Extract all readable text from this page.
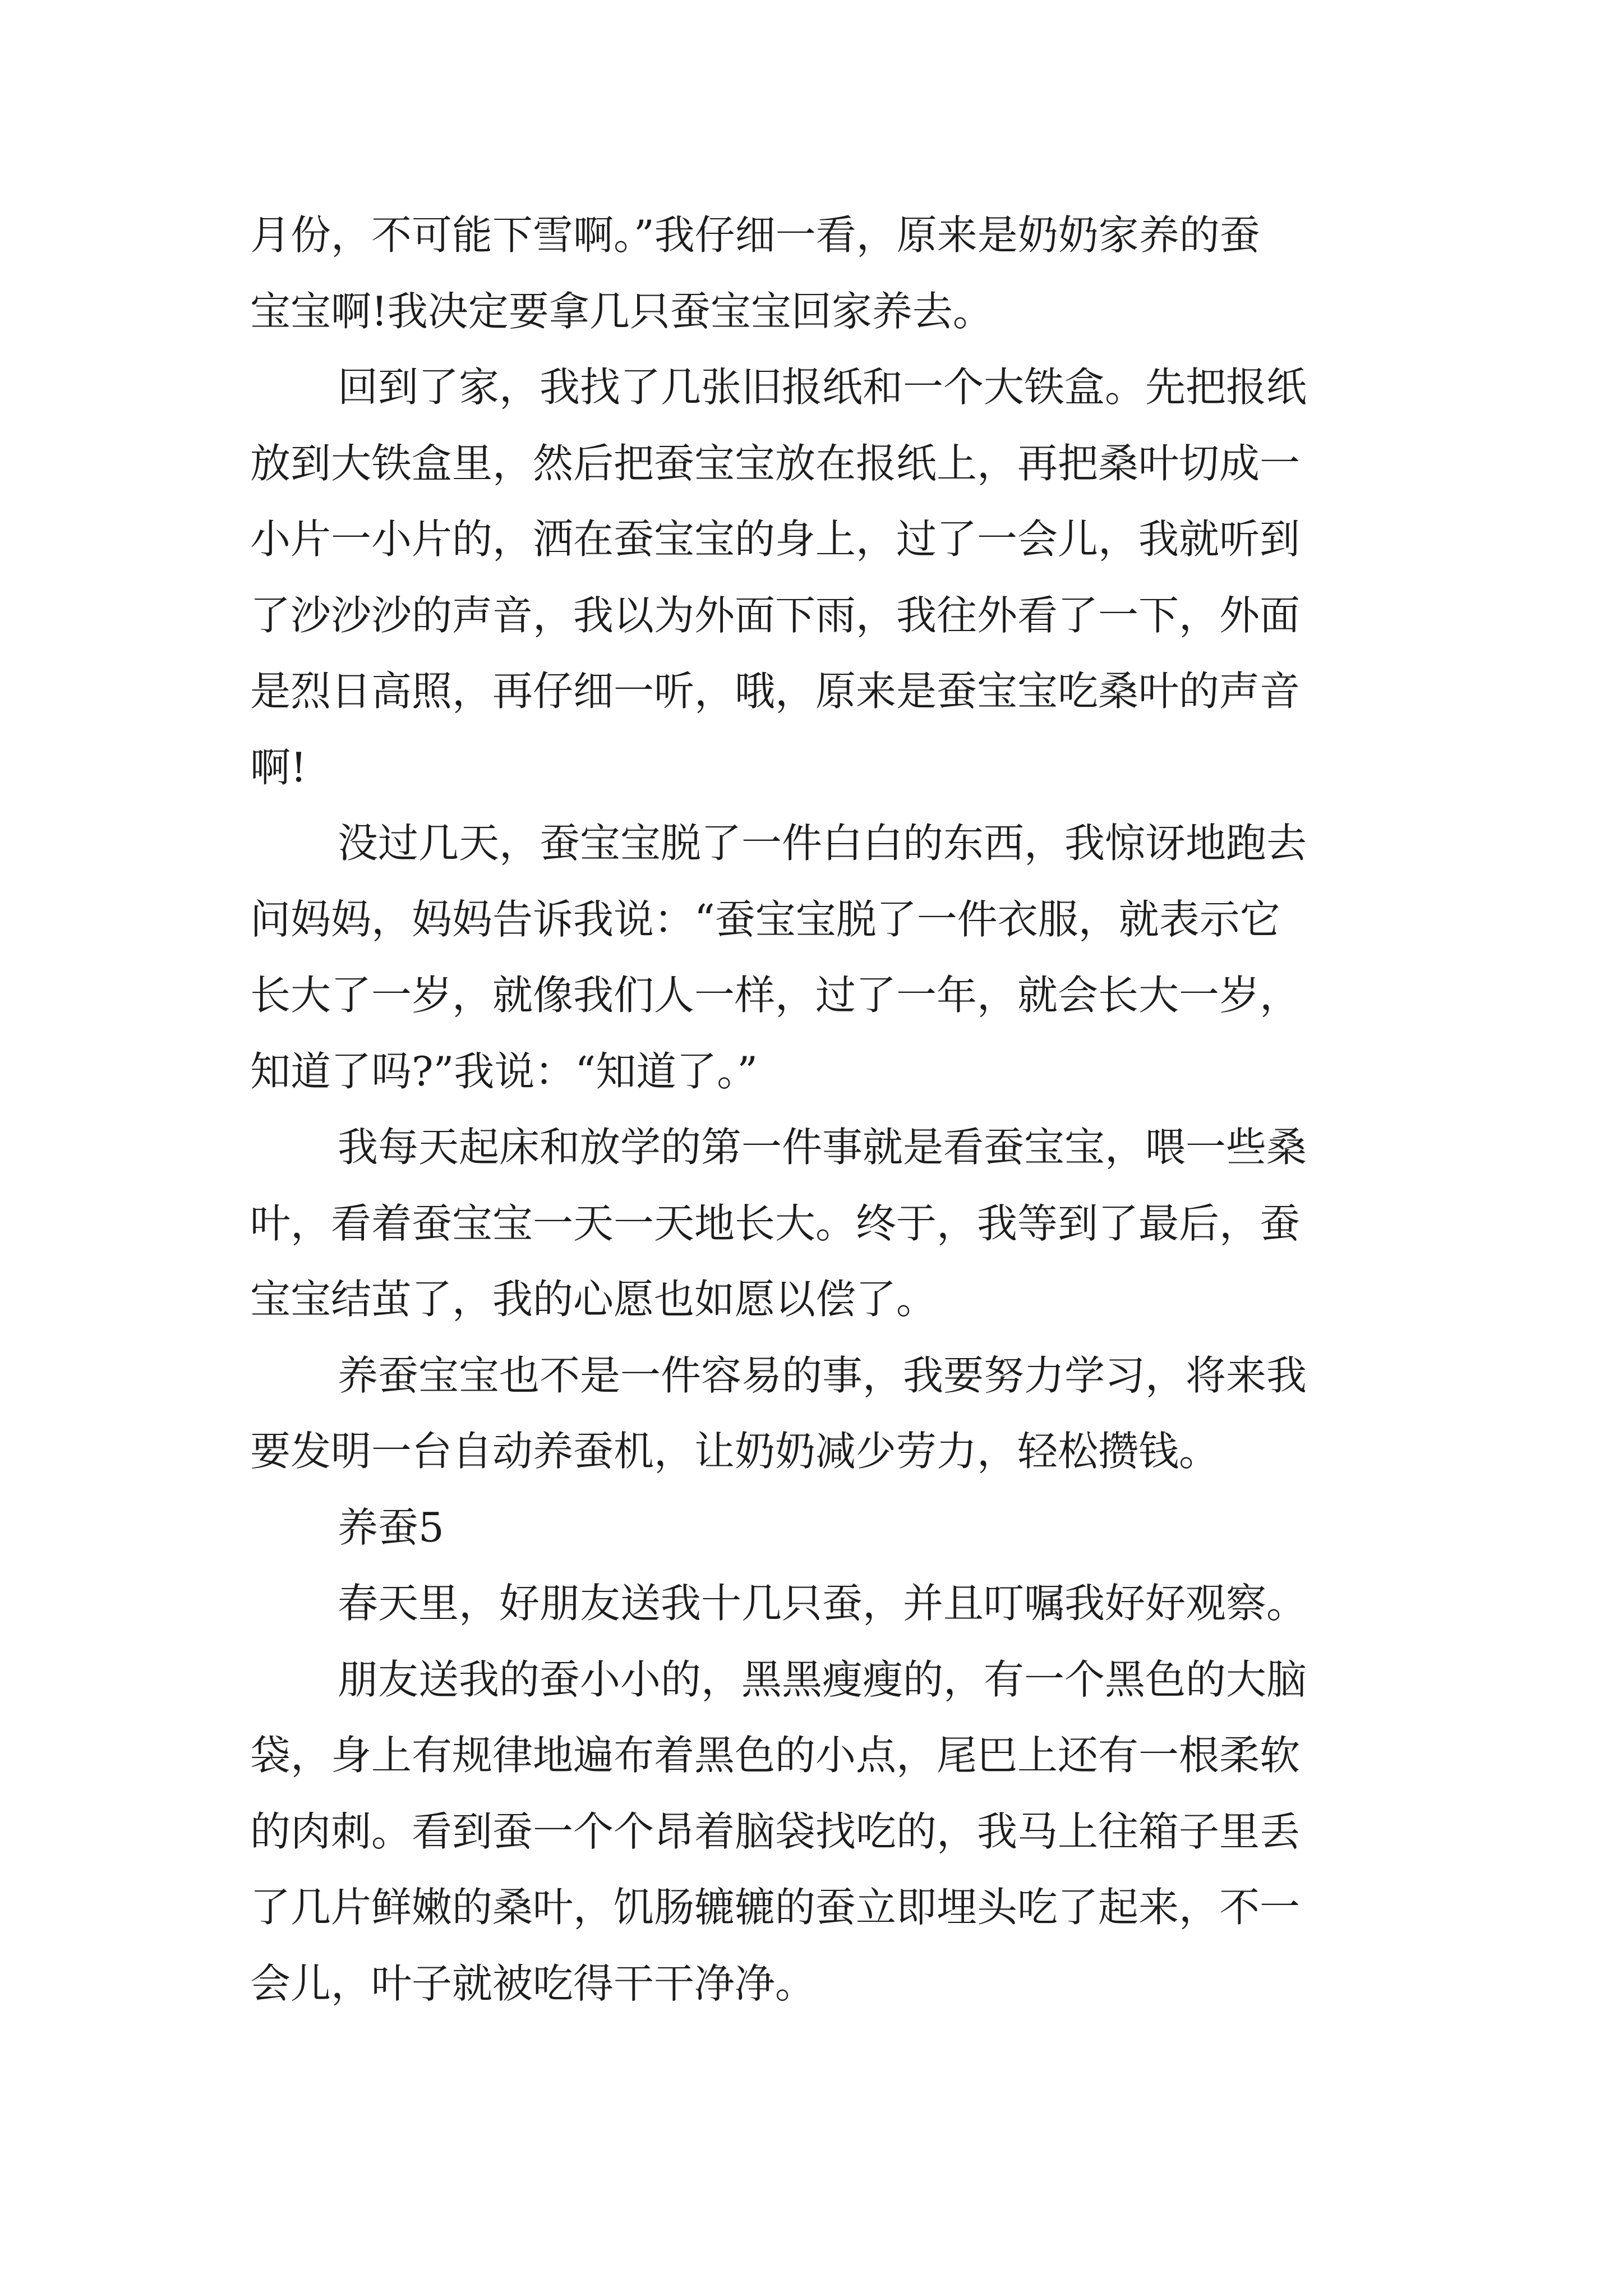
月份，不可能下雪啊。”我仔细一看，原来是奶奶家养的蚕
宝宝啊!我决定要拿几只蚕宝宝回家养去。
回到了家，我找了几张旧报纸和一个大铁盒。先把报纸
放到大铁盒里，然后把蚕宝宝放在报纸上，再把桑叶切成一
小片一小片的，洒在蚕宝宝的身上，过了一会儿，我就听到
了沙沙沙的声音，我以为外面下雨，我往外看了一下，外面
是烈日高照，再仔细一听，哦，原来是蚕宝宝吃桑叶的声音
啊!
没过几天，蚕宝宝脱了一件白白的东西，我惊讶地跑去
问妈妈，妈妈告诉我说：“蚕宝宝脱了一件衣服，就表示它
长大了一岁，就像我们人一样，过了一年，就会长大一岁，
知道了吗?”我说：“知道了。”
我每天起床和放学的第一件事就是看蚕宝宝，喂一些桑
叶，看着蚕宝宝一天一天地长大。终于，我等到了最后，蚕
宝宝结茧了，我的心愿也如愿以偿了。
养蚕宝宝也不是一件容易的事，我要努力学习，将来我
要发明一台自动养蚕机，让奶奶减少劳力，轻松攒钱。
养蚕5
春天里，好朋友送我十几只蚕，并且叮嘱我好好观察。
朋友送我的蚕小小的，黑黑瘦瘦的，有一个黑色的大脑
袋，身上有规律地遍布着黑色的小点，尾巴上还有一根柔软
的肉刺。看到蚕一个个昂着脑袋找吃的，我马上往箱子里丢
了几片鲜嫩的桑叶，饥肠辘辘的蚕立即埋头吃了起来，不一
会儿，叶子就被吃得干干净净。
